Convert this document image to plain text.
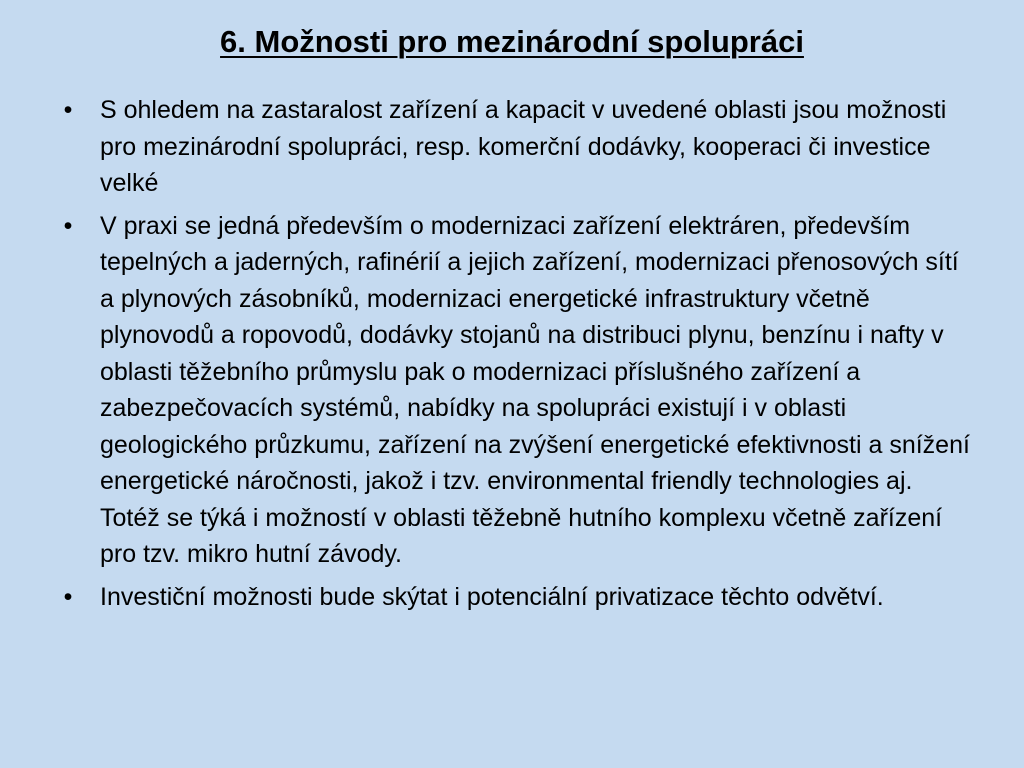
6. Možnosti pro mezinárodní spolupráci
• S ohledem na zastaralost zařízení a kapacit v uvedené oblasti jsou možnosti pro mezinárodní spolupráci, resp. komerční dodávky, kooperaci či investice velké
• V praxi se jedná především o modernizaci zařízení elektráren, především tepelných a jaderných, rafinérií a jejich zařízení, modernizaci přenosových sítí a plynových zásobníků, modernizaci energetické infrastruktury včetně plynovodů a ropovodů, dodávky stojanů na distribuci plynu, benzínu i nafty v oblasti těžebního průmyslu pak o modernizaci příslušného zařízení a zabezpečovacích systémů, nabídky na spolupráci existují i v oblasti geologického průzkumu, zařízení na zvýšení energetické efektivnosti a snížení energetické náročnosti, jakož i tzv. environmental friendly technologies aj. Totéž se týká i možností v oblasti těžebně hutního komplexu včetně zařízení pro tzv. mikro hutní závody.
• Investiční možnosti bude skýtat i potenciální privatizace těchto odvětví.
